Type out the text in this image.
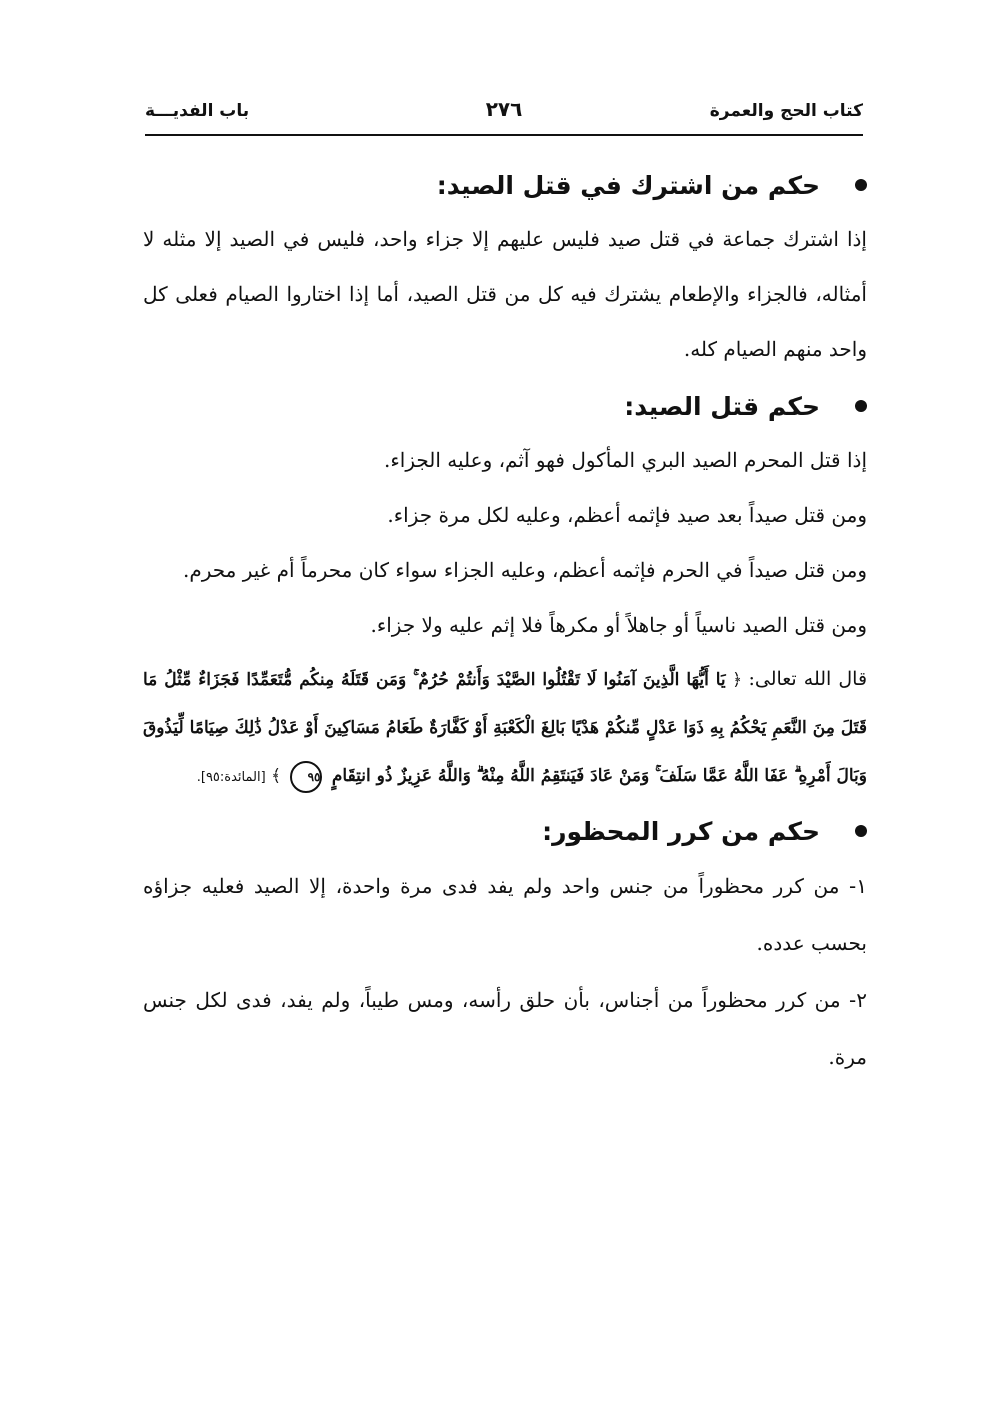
كتاب الحج والعمرة
٢٧٦
باب الفديـــة
حكم من اشترك في قتل الصيد:

إذا اشترك جماعة في قتل صيد فليس عليهم إلا جزاء واحد، فليس في الصيد إلا مثله لا أمثاله، فالجزاء والإطعام يشترك فيه كل من قتل الصيد، أما إذا اختاروا الصيام فعلى كل واحد منهم الصيام كله.

حكم قتل الصيد:

إذا قتل المحرم الصيد البري المأكول فهو آثم، وعليه الجزاء.

ومن قتل صيداً بعد صيد فإثمه أعظم، وعليه لكل مرة جزاء.

ومن قتل صيداً في الحرم فإثمه أعظم، وعليه الجزاء سواء كان محرماً أم غير محرم.

ومن قتل الصيد ناسياً أو جاهلاً أو مكرهاً فلا إثم عليه ولا جزاء.

قال الله تعالى: ﴿ يَا أَيُّهَا الَّذِينَ آمَنُوا لَا تَقْتُلُوا الصَّيْدَ وَأَنتُمْ حُرُمٌ ۚ وَمَن قَتَلَهُ مِنكُم مُّتَعَمِّدًا فَجَزَاءٌ مِّثْلُ مَا قَتَلَ مِنَ النَّعَمِ يَحْكُمُ بِهِ ذَوَا عَدْلٍ مِّنكُمْ هَدْيًا بَالِغَ الْكَعْبَةِ أَوْ كَفَّارَةٌ طَعَامُ مَسَاكِينَ أَوْ عَدْلُ ذَٰلِكَ صِيَامًا لِّيَذُوقَ وَبَالَ أَمْرِهِ ۗ عَفَا اللَّهُ عَمَّا سَلَفَ ۚ وَمَنْ عَادَ فَيَنتَقِمُ اللَّهُ مِنْهُ ۗ وَاللَّهُ عَزِيزٌ ذُو انتِقَامٍ ٩٥ ﴾ [المائدة:٩٥].

حكم من كرر المحظور:

١- من كرر محظوراً من جنس واحد ولم يفد فدى مرة واحدة، إلا الصيد فعليه جزاؤه بحسب عدده.

٢- من كرر محظوراً من أجناس، بأن حلق رأسه، ومس طيباً، ولم يفد، فدى لكل جنس مرة.
